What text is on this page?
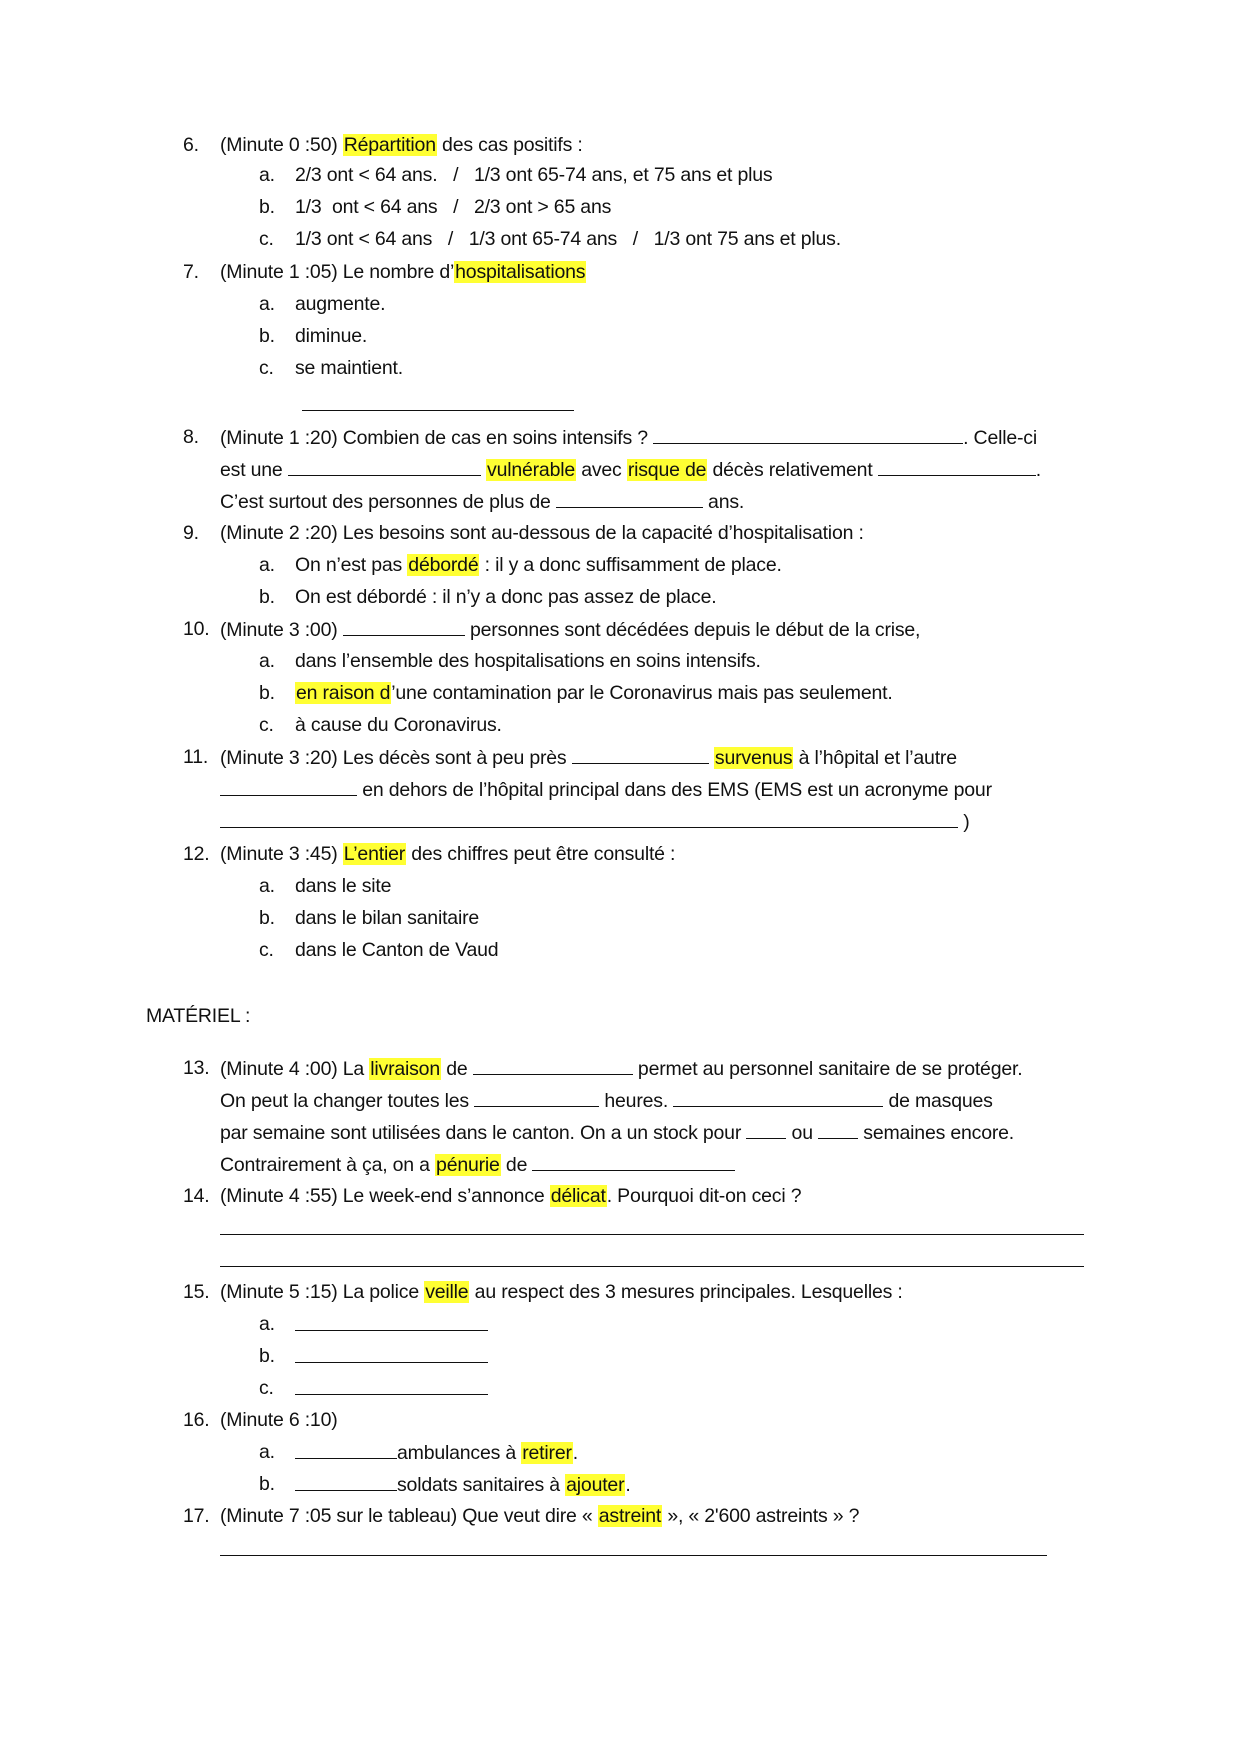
6. (Minute 0 :50) Répartition des cas positifs :
a. 2/3 ont < 64 ans.   /   1/3 ont 65-74 ans, et 75 ans et plus
b. 1/3  ont < 64 ans   /   2/3 ont > 65 ans
c. 1/3 ont < 64 ans   /   1/3 ont 65-74 ans   /   1/3 ont 75 ans et plus.
7. (Minute 1 :05) Le nombre d’hospitalisations
a. augmente.
b. diminue.
c. se maintient.
8. (Minute 1 :20) Combien de cas en soins intensifs ?	. Celle-ci
est une	vulnérable avec risque de décès relativement	.
C’est surtout des personnes de plus de	ans.
9. (Minute 2 :20) Les besoins sont au-dessous de la capacité d’hospitalisation :
a. On n’est pas débordé : il y a donc suffisamment de place.
b. On est débordé : il n’y a donc pas assez de place.
10. (Minute 3 :00)	personnes sont décédées depuis le début de la crise,
a. dans l’ensemble des hospitalisations en soins intensifs.
b. en raison d’une contamination par le Coronavirus mais pas seulement.
c. à cause du Coronavirus.
11. (Minute 3 :20) Les décès sont à peu près	survenus à l’hôpital et l’autre
en dehors de l’hôpital principal dans des EMS (EMS est un acronyme pour
)
12. (Minute 3 :45) L’entier des chiffres peut être consulté :
a. dans le site
b. dans le bilan sanitaire
c. dans le Canton de Vaud
MATÉRIEL :
13. (Minute 4 :00) La livraison de	permet au personnel sanitaire de se protéger.
On peut la changer toutes les	heures.	de masques
par semaine sont utilisées dans le canton. On a un stock pour  ou  semaines encore.
Contrairement à ça, on a pénurie de
14. (Minute 4 :55) Le week-end s’annonce délicat. Pourquoi dit-on ceci ?
15. (Minute 5 :15) La police veille au respect des 3 mesures principales. Lesquelles :
a.
b.
c.
16. (Minute 6 :10)
a.	ambulances à retirer.
b.	soldats sanitaires à ajouter.
17. (Minute 7 :05 sur le tableau) Que veut dire « astreint », « 2'600 astreints » ?
